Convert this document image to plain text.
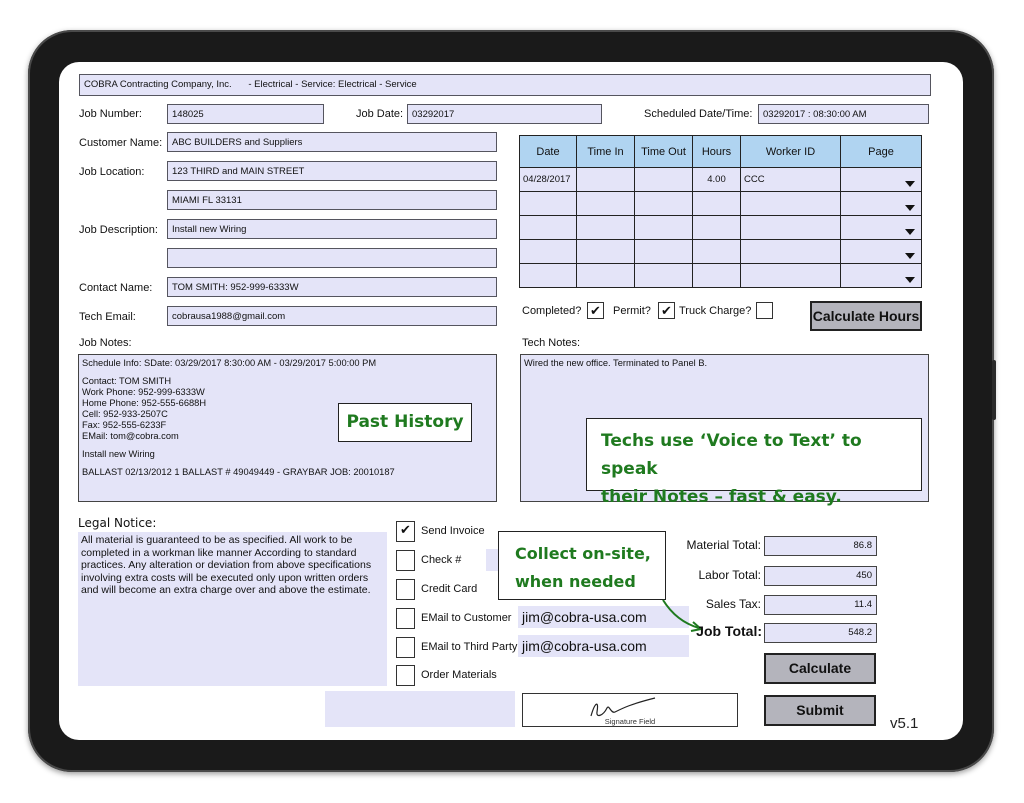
COBRA Contracting Company, Inc. - Electrical - Service: Electrical - Service
Job Number:	148025	Job Date: 03292017	Scheduled Date/Time:	03292017 : 08:30:00 AM
Customer Name:	ABC BUILDERS and Suppliers
Job Location:	123 THIRD and MAIN STREET
MIAMI FL 33131
Job Description:	Install new Wiring
Contact Name:	TOM SMITH: 952-999-6333W
Tech Email:	cobrausa1988@gmail.com
Date	Time In	Time Out	Hours	Worker ID	Page
04/28/2017			4.00	CCC	

Completed? ✔ Permit? ✔ Truck Charge?	Calculate Hours
Job Notes:	Tech Notes:
Schedule Info: SDate: 03/29/2017 8:30:00 AM - 03/29/2017 5:00:00 PM
Contact: TOM SMITH
Work Phone: 952-999-6333W
Home Phone: 952-555-6688H
Cell: 952-933-2507C
Fax: 952-555-6233F
EMail: tom@cobra.com
Install new Wiring
BALLAST 02/13/2012 1 BALLAST # 49049449 - GRAYBAR JOB: 20010187
Wired the new office. Terminated to Panel B.
Past History
Techs use ‘Voice to Text’ to speak
their Notes – fast & easy.
Legal Notice:
All material is guaranteed to be as specified. All work to be completed in a workman like manner According to standard practices. Any alteration or deviation from above specifications involving extra costs will be executed only upon written orders and will become an extra charge over and above the estimate.
✔ Send Invoice
Check #
Credit Card
EMail to Customer jim@cobra-usa.com
EMail to Third Party jim@cobra-usa.com
Order Materials
Collect on-site,
when needed
Material Total:	86.8
Labor Total:	450
Sales Tax:	11.4
Job Total:	548.2
Calculate
Submit
Signature Field	v5.1
